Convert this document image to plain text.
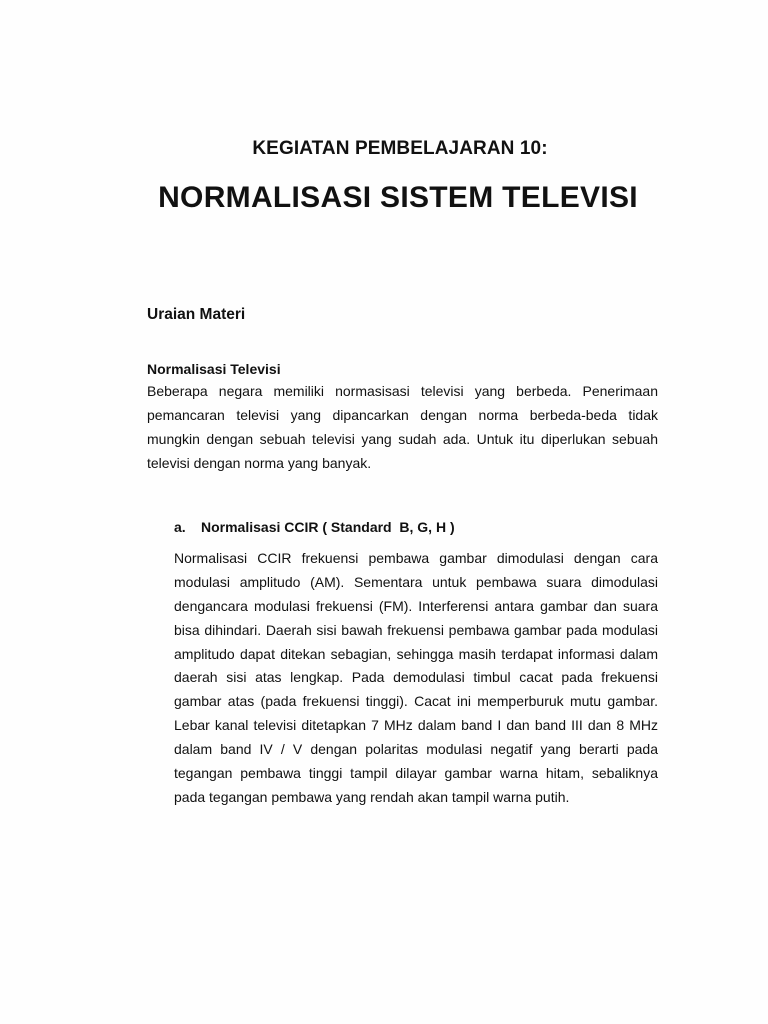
KEGIATAN PEMBELAJARAN 10:
NORMALISASI SISTEM TELEVISI
Uraian Materi
Normalisasi Televisi
Beberapa negara memiliki normasisasi televisi yang berbeda. Penerimaan
pemancaran televisi yang dipancarkan dengan norma berbeda-beda tidak
mungkin dengan sebuah televisi yang sudah ada. Untuk itu diperlukan sebuah
televisi dengan norma yang banyak.
a. Normalisasi CCIR ( Standard  B, G, H )
Normalisasi CCIR frekuensi pembawa gambar dimodulasi dengan cara
modulasi amplitudo (AM). Sementara untuk pembawa suara dimodulasi
dengancara modulasi frekuensi (FM). Interferensi antara gambar dan suara
bisa dihindari. Daerah sisi bawah frekuensi pembawa gambar pada modulasi
amplitudo dapat ditekan sebagian, sehingga masih terdapat informasi dalam
daerah sisi atas lengkap. Pada demodulasi timbul cacat pada frekuensi
gambar atas (pada frekuensi tinggi). Cacat ini memperburuk mutu gambar.
Lebar kanal televisi ditetapkan 7 MHz dalam band I dan band III dan 8 MHz
dalam band IV / V dengan polaritas modulasi negatif yang berarti pada
tegangan pembawa tinggi tampil dilayar gambar warna hitam, sebaliknya
pada tegangan pembawa yang rendah akan tampil warna putih.
